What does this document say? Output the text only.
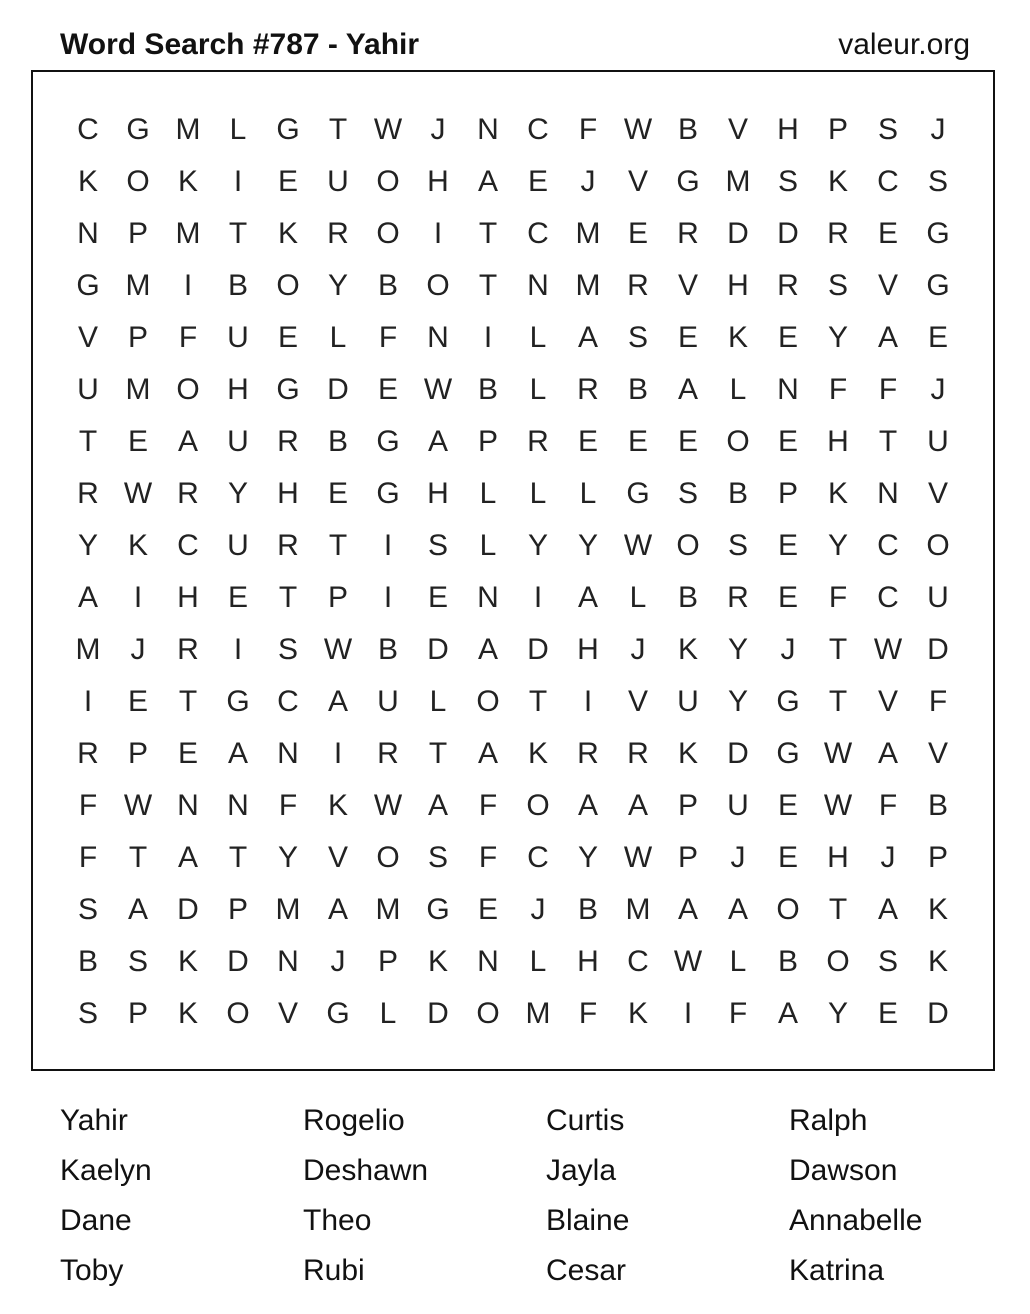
Word Search #787 - Yahir	valeur.org
C G M L G T W J	N C	F W B V H P S	J
K O K	I	E U O H A E	J	V G M S K C S
N P M T	K R O	I	T	C M E R D D R E G
G M	I	B O Y B O T	N M R V H R S V G
V P	F	U E	L	F	N	I	L	A S E K E Y A E
U M O H G D E W B	L	R B A	L	N	F	F	J
T	E A U R B G A P R E E E O E H	T	U
R W R Y H E G H	L	L	L G S B P K N V
Y K C U R	T	I	S	L	Y Y W O S E Y C O
A	I	H E	T	P	I	E N	I	A	L	B R E	F	C U
M	J	R	I	S W B D A D H	J	K Y	J	T W D
I	E	T G C A U	L O T	I	V U Y G T	V	F
R P E A N	I	R	T	A K R R K D G W A V
F W N N	F	K W A	F O A A P U E W F	B
F	T	A	T	Y V O S	F	C Y W P	J	E H	J	P
S A D P M A M G E	J	B M A A O T	A K
B S K D N	J	P K N	L	H C W L	B O S K
S P K O V G L	D O M F	K	I	F	A Y E D
Yahir	Rogelio	Curtis	Ralph
Kaelyn	Deshawn	Jayla	Dawson
Dane	Theo	Blaine	Annabelle
Toby	Rubi	Cesar	Katrina
